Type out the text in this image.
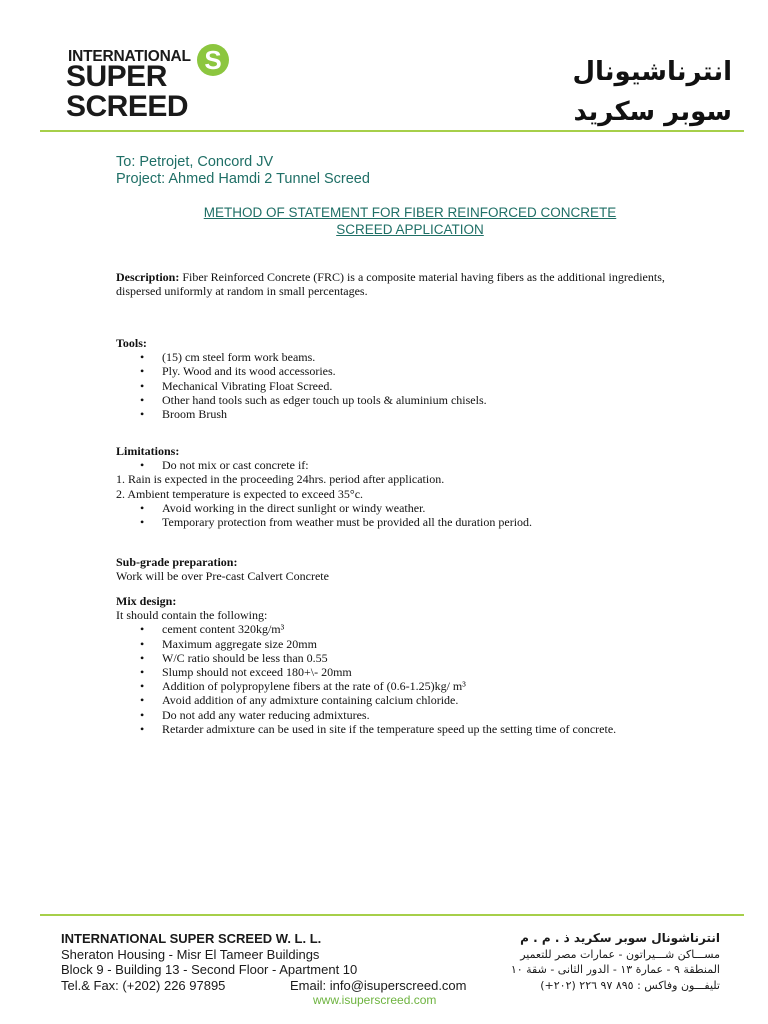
INTERNATIONAL
SUPER
SCREED
S	انترناشيونال
سوبر سكريد
To: Petrojet, Concord JV
Project: Ahmed Hamdi 2 Tunnel Screed
METHOD OF STATEMENT FOR FIBER REINFORCED CONCRETE
SCREED APPLICATION
Description: Fiber Reinforced Concrete (FRC) is a composite material having fibers as the additional ingredients, dispersed uniformly at random in small percentages.
Tools:
• (15) cm steel form work beams.
• Ply. Wood and its wood accessories.
• Mechanical Vibrating Float Screed.
• Other hand tools such as edger touch up tools & aluminium chisels.
• Broom Brush
Limitations:
• Do not mix or cast concrete if:
1. Rain is expected in the proceeding 24hrs. period after application.
2. Ambient temperature is expected to exceed 35°c.
• Avoid working in the direct sunlight or windy weather.
• Temporary protection from weather must be provided all the duration period.
Sub-grade preparation:
Work will be over Pre-cast Calvert Concrete
Mix design:
It should contain the following:
• cement content 320kg/m³
• Maximum aggregate size 20mm
• W/C ratio should be less than 0.55
• Slump should not exceed 180+\- 20mm
• Addition of polypropylene fibers at the rate of (0.6-1.25)kg/ m³
• Avoid addition of any admixture containing calcium chloride.
• Do not add any water reducing admixtures.
• Retarder admixture can be used in site if the temperature speed up the setting time of concrete.
INTERNATIONAL SUPER SCREED W. L. L.
Sheraton Housing - Misr El Tameer Buildings
Block 9 - Building 13 - Second Floor - Apartment 10
Tel.& Fax: (+202) 226 97895	Email: info@isuperscreed.com
www.isuperscreed.com
انترناشونال سوبر سكريد ذ . م . م
مســـاكن شـــيراتون - عمارات مصر للتعمير
المنطقة ٩ - عمارة ١٣ - الدور الثانى - شقة ١٠
تليفـــون وفاكس : ٨٩٥ ٩٧ ٢٢٦ (٢٠٢+)
